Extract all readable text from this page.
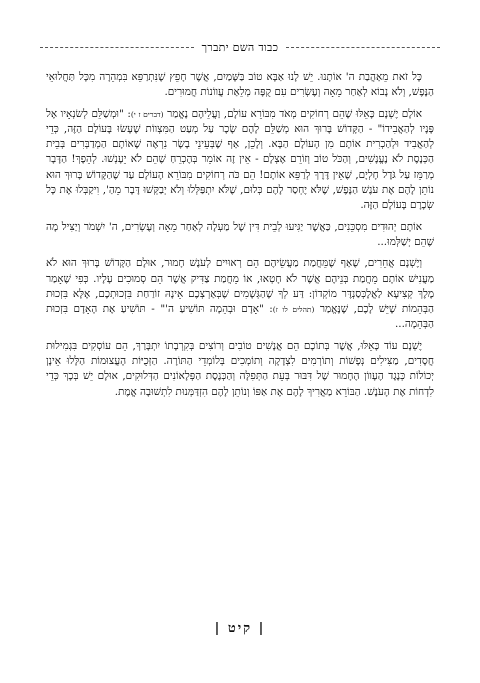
כבוד השם יתברך

כָּל זֹאת מֵאַהֲבַת ה' אוֹתָנוּ. יֵשׁ לָנוּ אַבָּא טוֹב בַּשָּׁמַיִם, אֲשֶׁר חָפֵץ שֶׁנִּתְרַפֵּא בִּמְהֵרָה מִכָּל תַּחֲלוּאֵי הַנֶּפֶשׁ, וְלֹא נָבוֹא לְאַחַר מֵאָה וְעֶשְׂרִים עִם קֻפָּה מְלֵאַת עֲווֹנוֹת חֲמוּרִים.

אוֹלָם יֶשְׁנָם כָּאֵלּוּ שֶׁהֵם רְחוֹקִים מְאֹד מִבּוֹרֵא עוֹלָם, וַעֲלֵיהֶם נֶאֱמַר (דברים ז י): "וּמְשַׁלֵּם לְשׂנְאָיו אֶל פָּנָיו לְהַאֲבִידוֹ" - הַקָּדוֹשׁ בָּרוּךְ הוּא מְשַׁלֵּם לָהֶם שָׂכָר עַל מְעַט הַמִּצְווֹת שֶׁעָשׂוּ בָּעוֹלָם הַזֶּה, כְּדֵי לְהַאֲבִיד וּלְהַכְרִית אוֹתָם מִן הָעוֹלָם הַבָּא. וְלָכֵן, אַף שֶׁבְּעֵינֵי בָשָׂר נִרְאֶה שֶׁאוֹתָם הַמְדַבְּרִים בְּבֵית הַכְּנֶסֶת לֹא נֶעֱנָשִׁים, וְהַכֹּל טוֹב וְזוֹרֵם אֶצְלָם - אֵין זֶה אוֹמֵר בְּהֶכְרֵחַ שֶׁהֵם לֹא יֵעָנְשׁוּ. לְהֵפֶךְ! הַדָּבָר מְרַמֵּז עַל גֹּדֶל חָלְיָם, שֶׁאֵין דֶּרֶךְ לְרַפֵּא אוֹתָם! הֵם כֹּה רְחוֹקִים מִבּוֹרֵא הָעוֹלָם עַד שֶׁהַקָּדוֹשׁ בָּרוּךְ הוּא נוֹתֵן לָהֶם אֶת עֹנֶשׁ הַנֶּפֶשׁ, שֶׁלֹּא יֶחְסַר לָהֶם כְּלוּם, שֶׁלֹּא יִתְפַּלְּלוּ וְלֹא יְבַקְּשׁוּ דָּבָר מֵהַ', וִיקַבְּלוּ אֶת כָּל שְׂכָרָם בָּעוֹלָם הַזֶּה.

אוֹתָם יְהוּדִים מִסְכֵּנִים, כַּאֲשֶׁר יַגִּיעוּ לְבֵית דִּין שֶׁל מַעְלָה לְאַחַר מֵאָה וְעֶשְׂרִים, ה' יִשְׁמֹר וְיַצִּיל מָה שֶׁהֵם יְשַׁלְּמוּ...

וְיֶשְׁנָם אֲחֵרִים, שֶׁאַף שֶׁמֵּחֲמַת מַעֲשֵׂיהֶם הֵם רְאוּיִים לְעֹנֶשׁ חָמוּר, אוּלָם הַקָּדוֹשׁ בָּרוּךְ הוּא לֹא מַעֲנִישׁ אוֹתָם מֵחֲמַת בְּנֵיהֶם אֲשֶׁר לֹא חָטְאוּ, אוֹ מֵחֲמַת צַדִּיק אֲשֶׁר הֵם סְמוּכִים עָלָיו. כְּפִי שֶׁאָמַר מֶלֶךְ קְצִיעָא לַאֲלֶכְּסַנְדֶּר מוֹקְדוֹן: דַּע לְךָ שֶׁהַגְּשָׁמִים שֶׁבְּאַרְצְכֶם אֵינָהּ זוֹרַחַת בִּזְכוּתְכֶם, אֶלָּא בִּזְכוּת הַבְּהֵמוֹת שֶׁיֵּשׁ לָכֶם, שֶׁנֶּאֱמַר (תהלים לו ז): "אָדָם וּבְהֵמָה תּוֹשִׁיעַ ה'" - תּוֹשִׁיעַ אֶת הָאָדָם בִּזְכוּת הַבְּהֵמָה...

יֶשְׁנָם עוֹד כָּאֵלּוּ, אֲשֶׁר בְּתוֹכָם הֵם אֲנָשִׁים טוֹבִים וְרוֹצִים בְּקִרְבָתוֹ יִתְבָּרַךְ, הֵם עוֹסְקִים בִּגְמִילוּת חֲסָדִים, מַצִּילִים נְפָשׁוֹת וְתוֹרְמִים לִצְדָקָה וְתוֹמְכִים בְּלוֹמְדֵי הַתּוֹרָה. הַזְּכֻיּוֹת הָעֲצוּמוֹת הַלָּלוּ אֵינָן יְכוֹלוֹת כְּנֶגֶד הֶעָווֹן הֶחָמוּר שֶׁל דִּבּוּר בְּעֵת הַתְּפִלָּה וְהַכְּנֶסֶת הַפְּלָאוֹנִים הַדְּלוּקִים, אוּלָם יֵשׁ בְּכָךְ כְּדֵי לִדְחוֹת אֶת הָעֹנֶשׁ. הַבּוֹרֵא מַאֲרִיךְ לָהֶם אֶת אַפּוֹ וְנוֹתֵן לָהֶם הִזְדַּמְּנוּת לִתְשׁוּבָה אֱמֶת.

| קיט |
